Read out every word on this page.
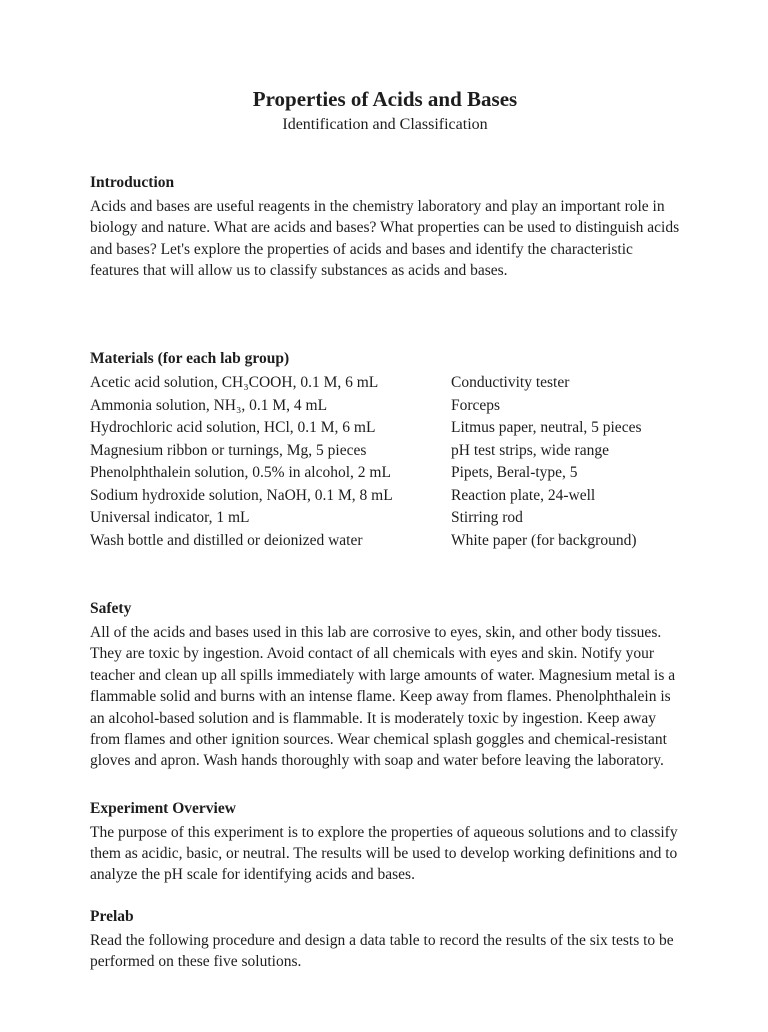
Properties of Acids and Bases
Identification and Classification
Introduction

Acids and bases are useful reagents in the chemistry laboratory and play an important role in biology and nature. What are acids and bases? What properties can be used to distinguish acids and bases? Let's explore the properties of acids and bases and identify the characteristic features that will allow us to classify substances as acids and bases.

Materials (for each lab group)
Acetic acid solution, CH₃COOH, 0.1 M, 6 mL
Ammonia solution, NH₃, 0.1 M, 4 mL
Hydrochloric acid solution, HCl, 0.1 M, 6 mL
Magnesium ribbon or turnings, Mg, 5 pieces
Phenolphthalein solution, 0.5% in alcohol, 2 mL
Sodium hydroxide solution, NaOH, 0.1 M, 8 mL
Universal indicator, 1 mL
Wash bottle and distilled or deionized water
Conductivity tester
Forceps
Litmus paper, neutral, 5 pieces
pH test strips, wide range
Pipets, Beral-type, 5
Reaction plate, 24-well
Stirring rod
White paper (for background)
Safety

All of the acids and bases used in this lab are corrosive to eyes, skin, and other body tissues. They are toxic by ingestion. Avoid contact of all chemicals with eyes and skin. Notify your teacher and clean up all spills immediately with large amounts of water. Magnesium metal is a flammable solid and burns with an intense flame. Keep away from flames. Phenolphthalein is an alcohol-based solution and is flammable. It is moderately toxic by ingestion. Keep away from flames and other ignition sources. Wear chemical splash goggles and chemical-resistant gloves and apron. Wash hands thoroughly with soap and water before leaving the laboratory.

Experiment Overview

The purpose of this experiment is to explore the properties of aqueous solutions and to classify them as acidic, basic, or neutral. The results will be used to develop working definitions and to analyze the pH scale for identifying acids and bases.

Prelab

Read the following procedure and design a data table to record the results of the six tests to be performed on these five solutions.
